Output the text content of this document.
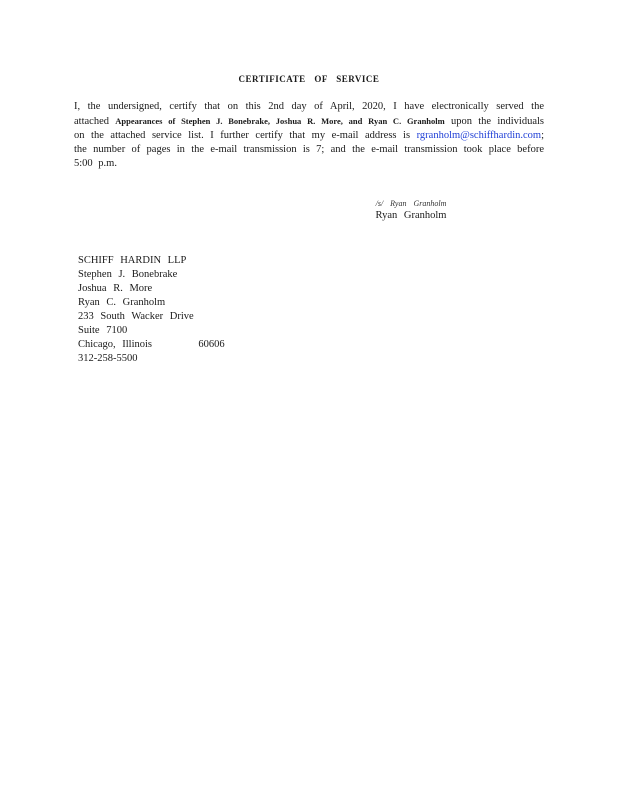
CERTIFICATE OF SERVICE
I, the undersigned, certify that on this 2nd day of April, 2020, I have electronically served the attached Appearances of Stephen J. Bonebrake, Joshua R. More, and Ryan C. Granholm upon the individuals on the attached service list. I further certify that my e-mail address is rgranholm@schiffhardin.com; the number of pages in the e-mail transmission is 7; and the e-mail transmission took place before 5:00 p.m.
/s/ Ryan Granholm
Ryan Granholm
SCHIFF HARDIN LLP
Stephen J. Bonebrake
Joshua R. More
Ryan C. Granholm
233 South Wacker Drive
Suite 7100
Chicago, Illinois	60606
312-258-5500
